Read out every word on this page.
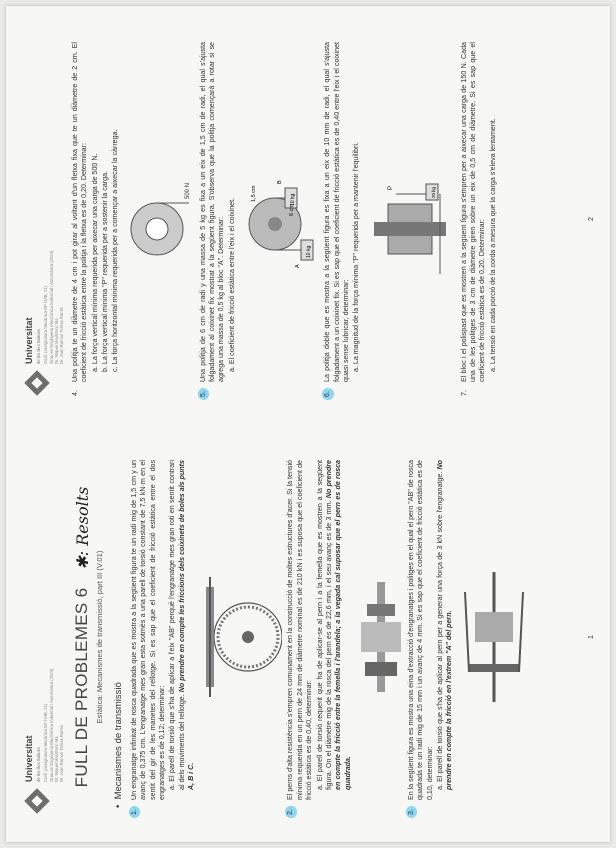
Universitat de les Illes Balears Codi: (assignatura Mecànica EP l'UIB, 21) Grau en Enginyeria Electrònica Industrial i Automàtica (2023) Dr. Miquel Mas/Enric Mà Dr. Joan Ramon Tomas Ramis FULL DE PROBLEMES 6
✱: Resolts
Estàtica: Mecanismes de transmissió, part III (V.01)
•  Mecanismes de transmissió
1.
Un engranatge infinitat de rosca quadrada que es mostra a la següent figura te un radi mig de 1,5 cm y un avanç de 0,375 cm. L'engranatge mes gran esta sotmès a una parell de torsió constant de 7,5 kN·m en el sentit del gir de les manetes del rellotge. Si es sap que el coeficient de fricció estàtica entre el dos engranatges es de 0,12; determinar: a. El parell de torsió que s'ha de aplicar a l'eix "AB" perquè l'engranatge mes gran roti en sentit contrari al dels moviments del rellotge. No prendre en compte les friccions dels coixinets de boles als punts A, B i C.
2.
El perns d'alta resistència s'empren comunament en la construcció de moltes estructures d'acer. Si la tensió mínima requerida en un pern de 24 mm de diàmetre nominal es de 210 kN i es suposa que el coeficient de fricció estàtica es de 0,40, determinar: a. El parell de torsió requerit que ha de aplicar-se al pern i a la femella que es mostren a la següent figura. On el diàmetre mig de la rosca del pern es de 22,6 mm, i el seu avanç es de 3 mm. No prendre en compte la fricció entre la femella i l'arandela; a la vegada cal suposar que el pern es de rosca quadrada.
3.
En la següent figura es mostra una eina d'extracció d'engranatges i politges en el qual el pern "AB" de rosca quadrada te un radi mig de 15 mm i un avanç de 4 mm. Si es sap que el coeficient de fricció estàtica es de 0,10, determinar: a. El parell de torsió que s'ha de aplicar al pern per a generar una força de 3 kN sobre l'engranatge. No prendre en compte la fricció en l'extrem "A" del pern.	1
Universitat de les Illes Balears Codi: (assignatura Mecànica EP l'UIB, 21) Grau en Enginyeria Electrònica Industrial i Automàtica (2023) Dr. Miquel Mas/Enric Mà Dr. Joan Ramon Tomas Ramis
4.
Una politja te un diàmetre de 4 cm i pot girar al voltant d'un fletxa fixa que te un diàmetre de 2 cm. El coeficient de fricció estàtica entre la politja i la fletxa es de 0,20. Determinar: a. La força vertical mínima requerida per aixecar una carga de 500 N. b. La força vertical mínima "P" requerida per a sostenir la carga. c. La força horitzontal mínima requerida per a començar a aixecar la càrrega.	500 N
5.
Una politja de 6 cm de radi y una massa de 5 kg es fixa a un eix de 1,5 cm de radi, el qual s'ajusta folgadament al coixinet fix mostrat a la següent figura. S'observa que la politja començarà a rotar si se agrega una massa de 0,5 kg al bloc "A". Determinar: a. El coeficient de fricció estàtica entre l'eix i el coixinet.
1,5 cm
6 cm
B
A
10 kg
10 kg
6.
La politja doble que es mostra a la següent figura es fixa a un eix de 10 mm de radi, el qual s'ajusta folgadament a un coixinet fix. Si es sap que el coeficient de fricció estàtica es de 0,40 entre l'eix i el coixinet quasi sense lubricar, determinar: a. La magnitud de la força mínima "P" requerida per a mantenir l'equilibri.	P	20 kg
7.
El bloc i el polispast que es mostren a la següent figura s'empren per a aixecar una carga de 150 N. Cada una de les politges de 3 cm de diàmetre giren sobre un eix de 0,5 cm de diàmetre. Si es sap que el coeficient de fricció estàtica es de 0,20. Determinar: a. La tensió en cada porció de la corda a mesura que la carga s'eleva lentament.	2
